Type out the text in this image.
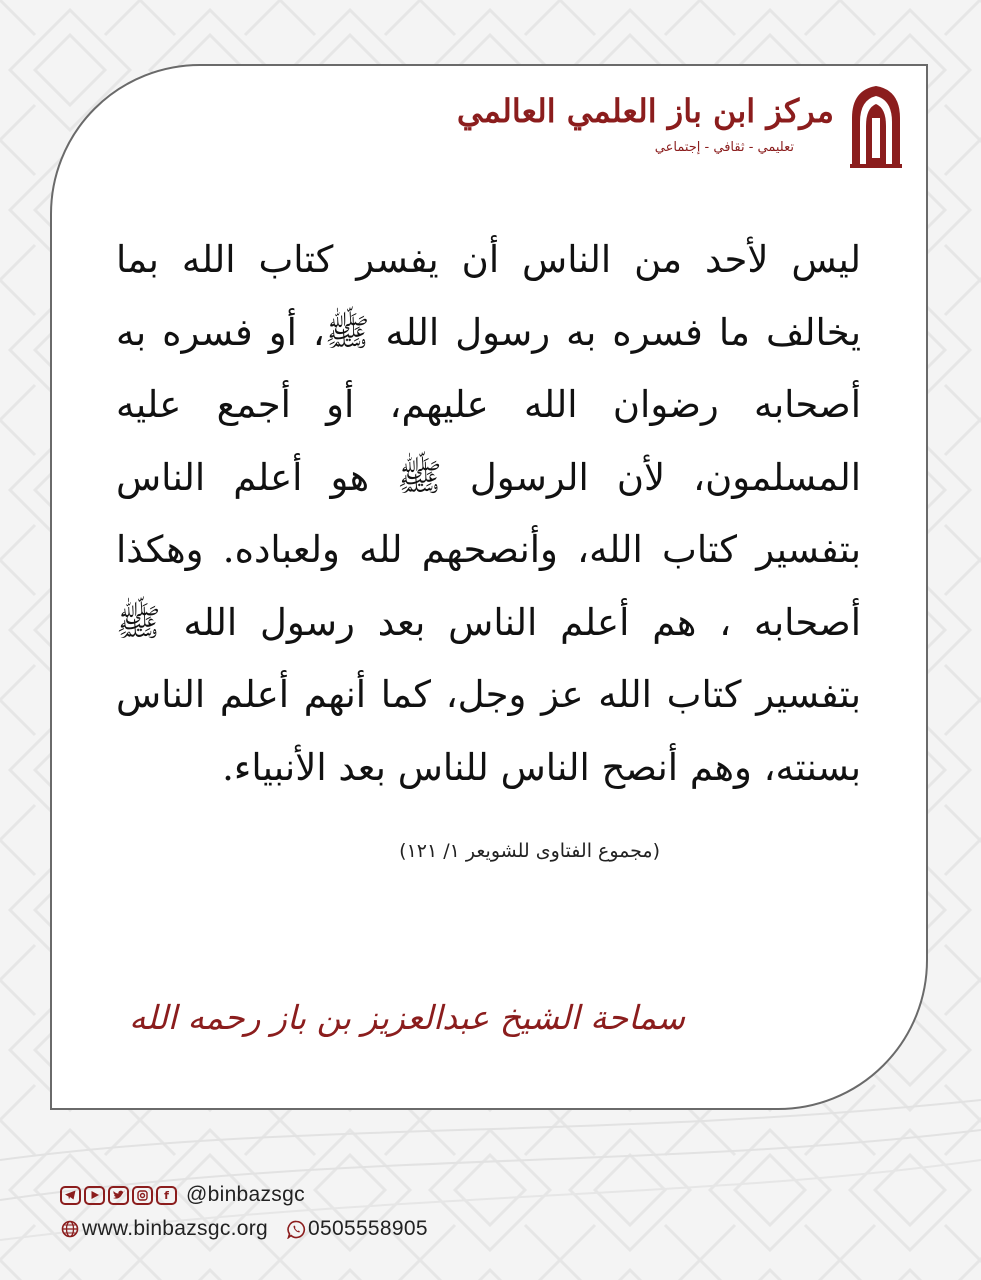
مركز ابن باز العلمي العالمي
تعليمي - ثقافي - إجتماعي

ليس لأحد من الناس أن يفسر كتاب الله بما يخالف ما فسره به رسول الله ﷺ، أو فسره به أصحابه رضوان الله عليهم، أو أجمع عليه المسلمون، لأن الرسول ﷺ هو أعلم الناس بتفسير كتاب الله، وأنصحهم لله ولعباده. وهكذا أصحابه ، هم أعلم الناس بعد رسول الله ﷺ بتفسير كتاب الله عز وجل، كما أنهم أعلم الناس بسنته، وهم أنصح الناس للناس بعد الأنبياء.

(مجموع الفتاوى للشويعر ١/ ١٢١)
سماحة الشيخ عبدالعزيز بن باز رحمه الله
f @binbazsgc
www.binbazsgc.org 0505558905
